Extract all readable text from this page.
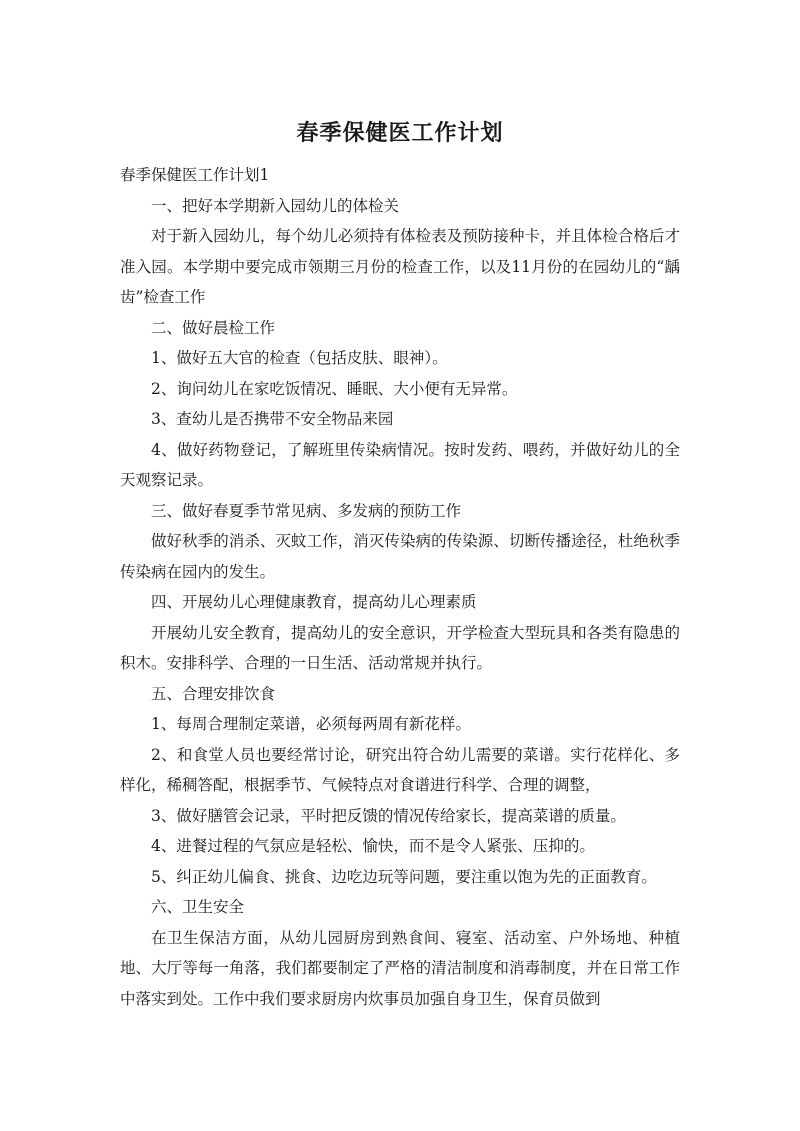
春季保健医工作计划

春季保健医工作计划1

一、把好本学期新入园幼儿的体检关

对于新入园幼儿，每个幼儿必须持有体检表及预防接种卡，并且体检合格后才准入园。本学期中要完成市领期三月份的检查工作，以及11月份的在园幼儿的“龋齿”检查工作

二、做好晨检工作

1、做好五大官的检查（包括皮肤、眼神）。

2、询问幼儿在家吃饭情况、睡眠、大小便有无异常。

3、查幼儿是否携带不安全物品来园

4、做好药物登记，了解班里传染病情况。按时发药、喂药，并做好幼儿的全天观察记录。

三、做好春夏季节常见病、多发病的预防工作

做好秋季的消杀、灭蚊工作，消灭传染病的传染源、切断传播途径，杜绝秋季传染病在园内的发生。

四、开展幼儿心理健康教育，提高幼儿心理素质

开展幼儿安全教育，提高幼儿的安全意识，开学检查大型玩具和各类有隐患的积木。安排科学、合理的一日生活、活动常规并执行。

五、合理安排饮食

1、每周合理制定菜谱，必须每两周有新花样。

2、和食堂人员也要经常讨论，研究出符合幼儿需要的菜谱。实行花样化、多样化，稀稠答配，根据季节、气候特点对食谱进行科学、合理的调整，

3、做好膳管会记录，平时把反馈的情况传给家长，提高菜谱的质量。

4、进餐过程的气氛应是轻松、愉快，而不是令人紧张、压抑的。

5、纠正幼儿偏食、挑食、边吃边玩等问题，要注重以饱为先的正面教育。

六、卫生安全

在卫生保洁方面，从幼儿园厨房到熟食间、寝室、活动室、户外场地、种植地、大厅等每一角落，我们都要制定了严格的清洁制度和消毒制度，并在日常工作中落实到处。工作中我们要求厨房内炊事员加强自身卫生，保育员做到
